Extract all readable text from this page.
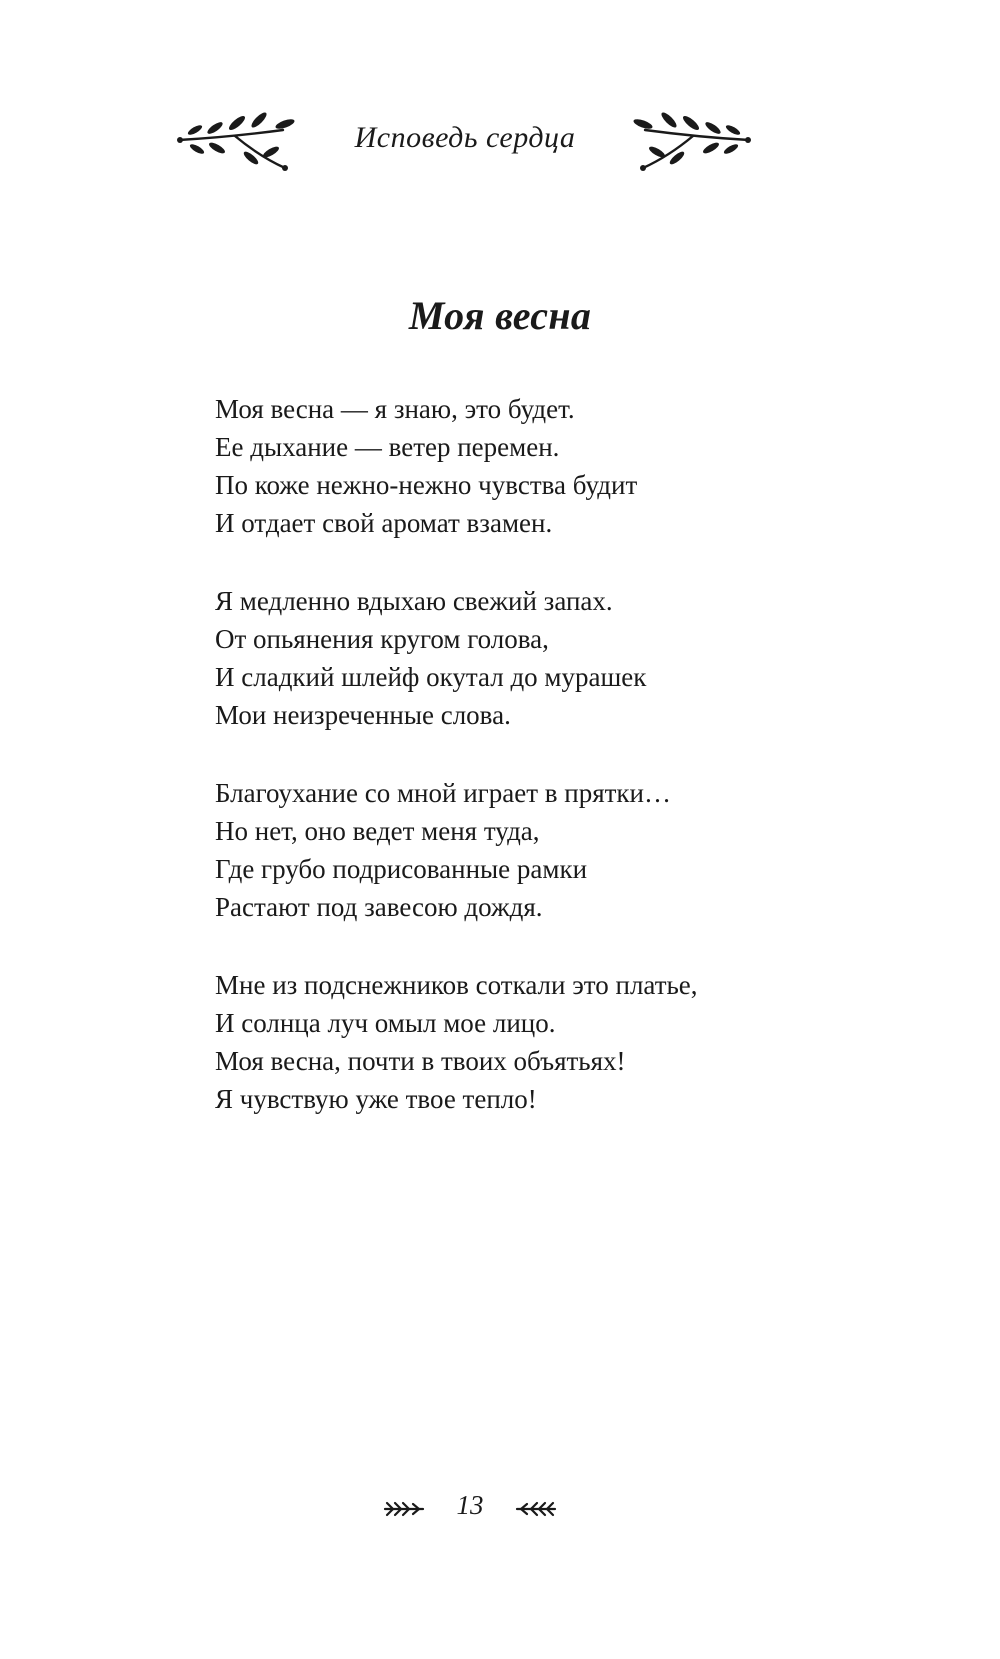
Исповедь сердца
Моя весна
Моя весна — я знаю, это будет.
Ее дыхание — ветер перемен.
По коже нежно-нежно чувства будит
И отдает свой аромат взамен.
Я медленно вдыхаю свежий запах.
От опьянения кругом голова,
И сладкий шлейф окутал до мурашек
Мои неизреченные слова.
Благоухание со мной играет в прятки…
Но нет, оно ведет меня туда,
Где грубо подрисованные рамки
Растают под завесою дождя.
Мне из подснежников соткали это платье,
И солнца луч омыл мое лицо.
Моя весна, почти в твоих объятьях!
Я чувствую уже твое тепло!
13
